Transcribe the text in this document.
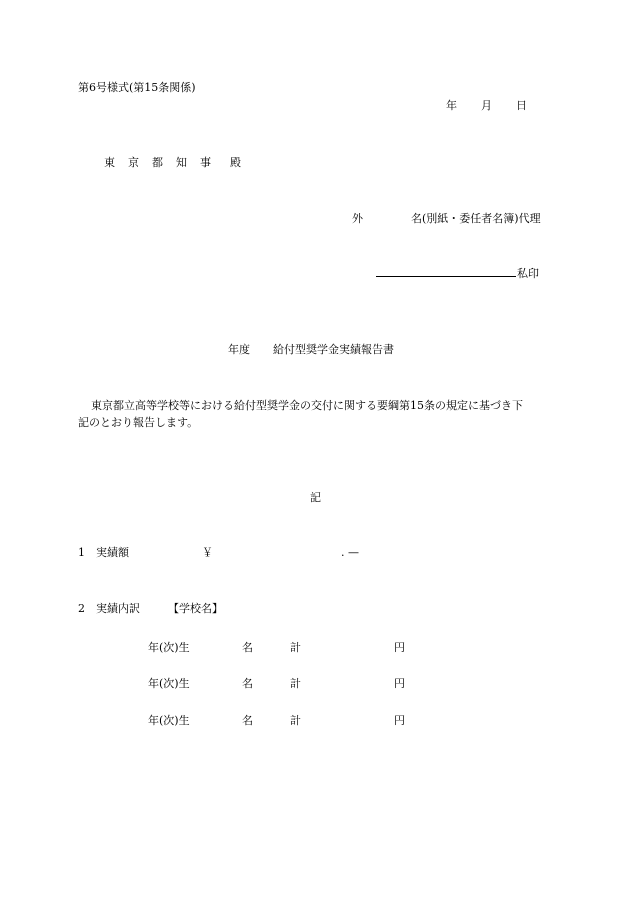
第6号様式(第15条関係)
年 月 日
東京都知事 殿
外	名(別紙・委任者名簿)代理
私印
年度 給付型奨学金実績報告書
東京都立高等学校等における給付型奨学金の交付に関する要綱第15条の規定に基づき下
記のとおり報告します。
記
1 実績額	￥	. —
2 実績内訳	【学校名】
年(次)生	名	計	円
年(次)生	名	計	円
年(次)生	名	計	円
